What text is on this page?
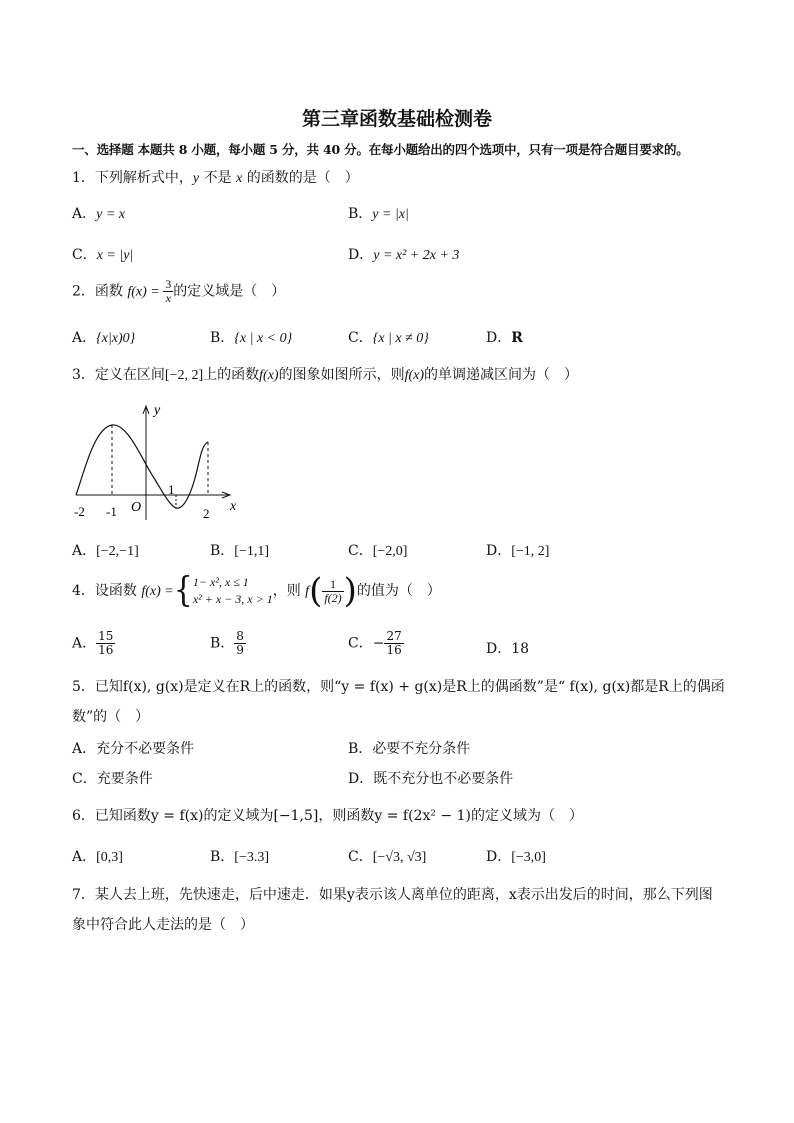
第三章函数基础检测卷
一、选择题 本题共 8 小题，每小题 5 分，共 40 分。在每小题给出的四个选项中，只有一项是符合题目要求的。
1．下列解析式中，y 不是 x 的函数的是（　）
A．y = x	B．y = |x|
C．x = |y|	D．y = x² + 2x + 3
2．函数 $f(x) = \frac{3}{x}$ 的定义域是（　）
A．{x|x)0}	B．{x | x < 0}	C．{x | x ≠ 0}	D．R
3．定义在区间[−2, 2]上的函数f(x)的图象如图所示，则f(x)的单调递减区间为（　）
y
x
-2 -1 O
1
2
A．[−2,−1]	B．[−1,1]	C．[−2,0]	D．[−1, 2]
4．设函数 f(x) ={ 1− x², x ≤ 1
x² + x − 3, x > 1 ，则 $f( \frac{1}{f(2)}$ )的值为（　）
A． $\frac{15}{16}$	B． $\frac{8}{9}$	C．− $\frac{27}{16}$	D．18
5．已知f(x), g(x)是定义在R上的函数，则“y = f(x) + g(x)是R上的偶函数”是“ f(x), g(x)都是R上的偶函
数”的（　）
A．充分不必要条件	B．必要不充分条件
C．充要条件	D．既不充分也不必要条件
6．已知函数y = f(x)的定义域为[−1,5]，则函数y = f(2x² − 1)的定义域为（　）
A．[0,3]	B．[−3.3]	C．[−√3, √3]	D．[−3,0]
7．某人去上班，先快速走，后中速走．如果y表示该人离单位的距离，x表示出发后的时间，那么下列图
象中符合此人走法的是（　）
